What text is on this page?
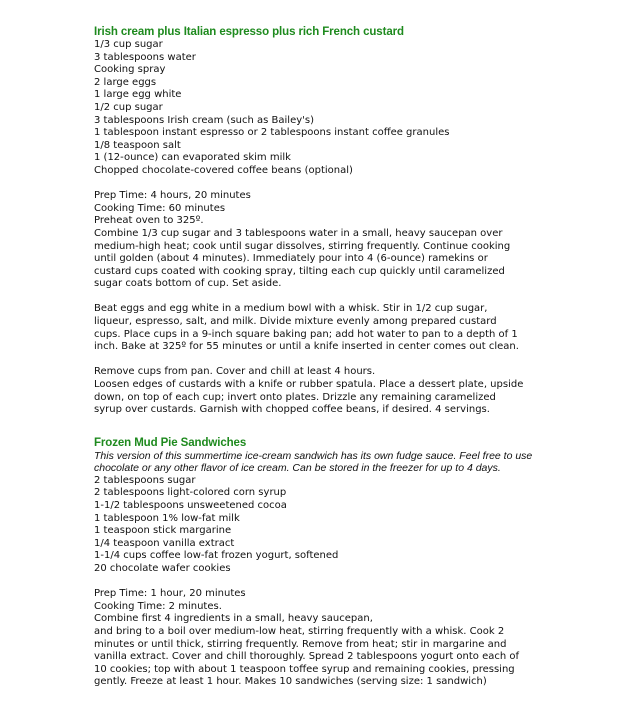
Irish cream plus Italian espresso plus rich French custard
1/3 cup sugar
3 tablespoons water
Cooking spray
2 large eggs
1 large egg white
1/2 cup sugar
3 tablespoons Irish cream (such as Bailey's)
1 tablespoon instant espresso or 2 tablespoons instant coffee granules
1/8 teaspoon salt
1 (12-ounce) can evaporated skim milk
Chopped chocolate-covered coffee beans (optional)
Prep Time: 4 hours, 20 minutes
Cooking Time: 60 minutes
Preheat oven to 325º.
Combine 1/3 cup sugar and 3 tablespoons water in a small, heavy saucepan over
medium-high heat; cook until sugar dissolves, stirring frequently. Continue cooking
until golden (about 4 minutes). Immediately pour into 4 (6-ounce) ramekins or
custard cups coated with cooking spray, tilting each cup quickly until caramelized
sugar coats bottom of cup. Set aside.
Beat eggs and egg white in a medium bowl with a whisk. Stir in 1/2 cup sugar,
liqueur, espresso, salt, and milk. Divide mixture evenly among prepared custard
cups. Place cups in a 9-inch square baking pan; add hot water to pan to a depth of 1
inch. Bake at 325º for 55 minutes or until a knife inserted in center comes out clean.
Remove cups from pan. Cover and chill at least 4 hours.
Loosen edges of custards with a knife or rubber spatula. Place a dessert plate, upside
down, on top of each cup; invert onto plates. Drizzle any remaining caramelized
syrup over custards. Garnish with chopped coffee beans, if desired. 4 servings.
Frozen Mud Pie Sandwiches
This version of this summertime ice-cream sandwich has its own fudge sauce. Feel free to use
chocolate or any other flavor of ice cream. Can be stored in the freezer for up to 4 days.
2 tablespoons sugar
2 tablespoons light-colored corn syrup
1-1/2 tablespoons unsweetened cocoa
1 tablespoon 1% low-fat milk
1 teaspoon stick margarine
1/4 teaspoon vanilla extract
1-1/4 cups coffee low-fat frozen yogurt, softened
20 chocolate wafer cookies
Prep Time: 1 hour, 20 minutes
Cooking Time: 2 minutes.
Combine first 4 ingredients in a small, heavy saucepan,
and bring to a boil over medium-low heat, stirring frequently with a whisk. Cook 2
minutes or until thick, stirring frequently. Remove from heat; stir in margarine and
vanilla extract. Cover and chill thoroughly. Spread 2 tablespoons yogurt onto each of
10 cookies; top with about 1 teaspoon toffee syrup and remaining cookies, pressing
gently. Freeze at least 1 hour. Makes 10 sandwiches (serving size: 1 sandwich)
